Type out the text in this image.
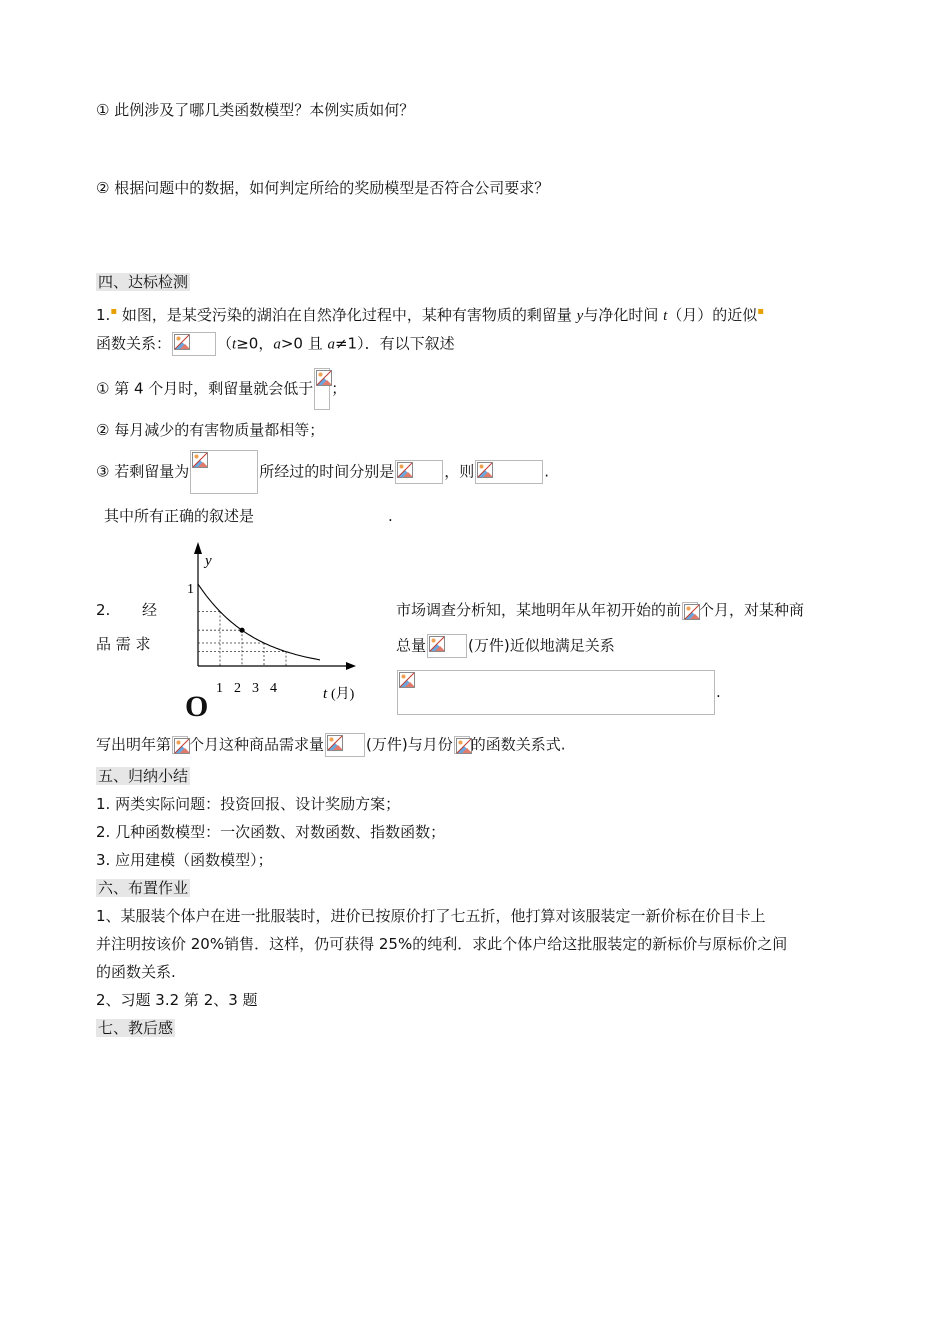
① 此例涉及了哪几类函数模型？本例实质如何？
② 根据问题中的数据，如何判定所给的奖励模型是否符合公司要求？
四、达标检测
1.▪ 如图，是某受污染的湖泊在自然净化过程中，某种有害物质的剩留量 y与净化时间 t（月）的近似▪
函数关系：	（t≥0，a>0 且 a≠1）．有以下叙述
① 第 4 个月时，剩留量就会低于 ；
② 每月减少的有害物质量都相等；
③ 若剩留量为	所经过的时间分别是	，则	.
其中所有正确的叙述是	.
y
1
1 2 3 4	t (月)
O
2. 经
品 需 求
市场调查分析知，某地明年从年初开始的前 个月，对某种商
总量	(万件)近似地满足关系
.
写出明年第 个月这种商品需求量	(万件)与月份 的函数关系式.
五、归纳小结
1. 两类实际问题：投资回报、设计奖励方案；
2. 几种函数模型：一次函数、对数函数、指数函数；
3. 应用建模（函数模型）；
六、布置作业
1、某服装个体户在进一批服装时，进价已按原价打了七五折，他打算对该服装定一新价标在价目卡上
并注明按该价 20%销售．这样，仍可获得 25%的纯利．求此个体户给这批服装定的新标价与原标价之间
的函数关系.
2、习题 3.2 第 2、3 题
七、教后感
